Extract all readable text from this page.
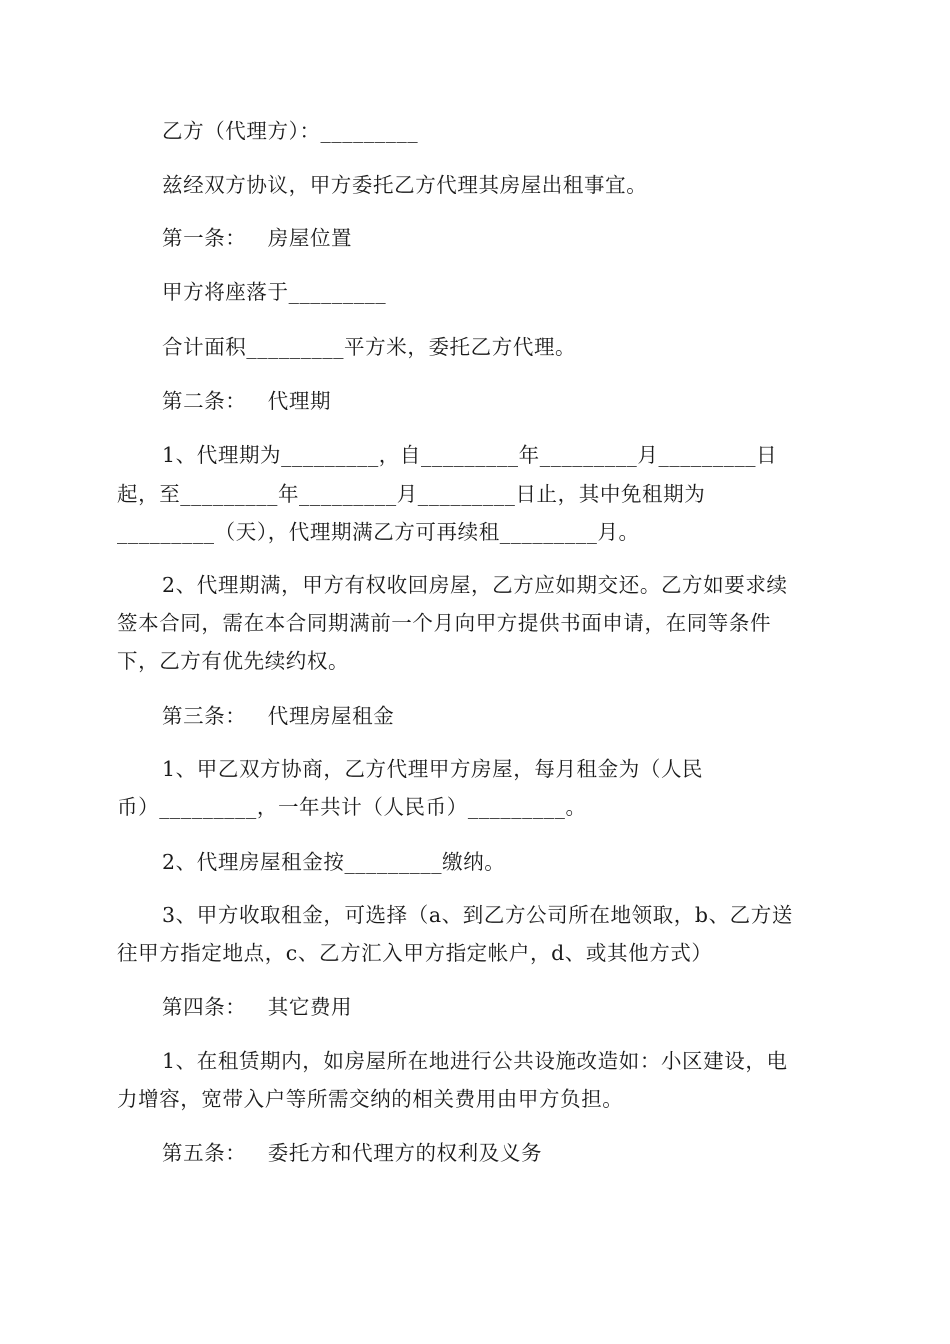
乙方（代理方）：_________
兹经双方协议，甲方委托乙方代理其房屋出租事宜。
第一条：   房屋位置
甲方将座落于_________
合计面积_________平方米，委托乙方代理。
第二条：   代理期
1、代理期为_________，自_________年_________月_________日
起，至_________年_________月_________日止，其中免租期为
_________（天），代理期满乙方可再续租_________月。
2、代理期满，甲方有权收回房屋，乙方应如期交还。乙方如要求续
签本合同，需在本合同期满前一个月向甲方提供书面申请，在同等条件
下，乙方有优先续约权。
第三条：   代理房屋租金
1、甲乙双方协商，乙方代理甲方房屋，每月租金为（人民
币）_________，一年共计（人民币）_________。
2、代理房屋租金按_________缴纳。
3、甲方收取租金，可选择（a、到乙方公司所在地领取，b、乙方送
往甲方指定地点，c、乙方汇入甲方指定帐户，d、或其他方式）
第四条：   其它费用
1、在租赁期内，如房屋所在地进行公共设施改造如：小区建设，电
力增容，宽带入户等所需交纳的相关费用由甲方负担。
第五条：   委托方和代理方的权利及义务
